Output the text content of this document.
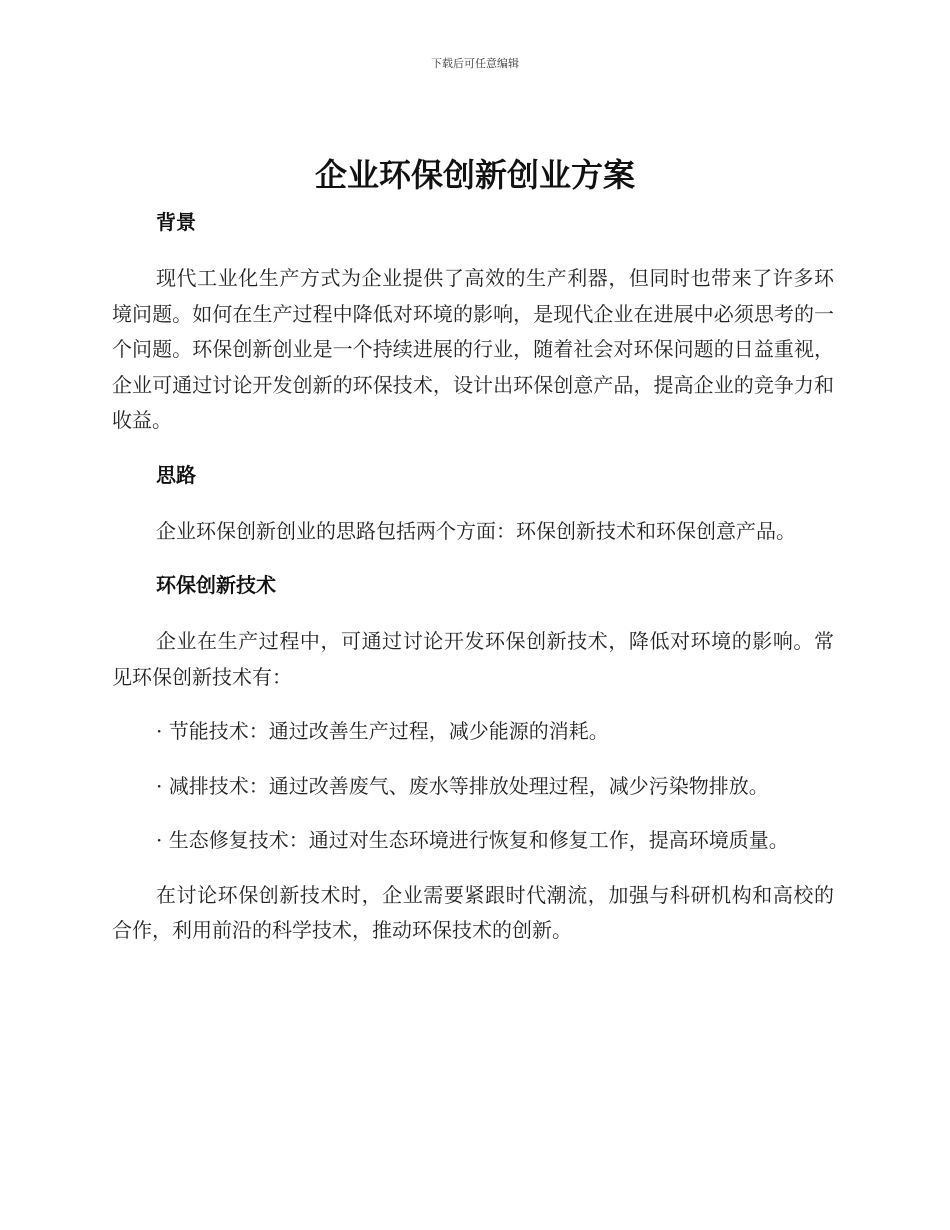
下载后可任意编辑
企业环保创新创业方案
背景

现代工业化生产方式为企业提供了高效的生产利器，但同时也带来了许多环境问题。如何在生产过程中降低对环境的影响，是现代企业在进展中必须思考的一个问题。环保创新创业是一个持续进展的行业，随着社会对环保问题的日益重视，企业可通过讨论开发创新的环保技术，设计出环保创意产品，提高企业的竞争力和收益。

思路

企业环保创新创业的思路包括两个方面：环保创新技术和环保创意产品。

环保创新技术

企业在生产过程中，可通过讨论开发环保创新技术，降低对环境的影响。常见环保创新技术有：

· 节能技术：通过改善生产过程，减少能源的消耗。

· 减排技术：通过改善废气、废水等排放处理过程，减少污染物排放。

· 生态修复技术：通过对生态环境进行恢复和修复工作，提高环境质量。

在讨论环保创新技术时，企业需要紧跟时代潮流，加强与科研机构和高校的合作，利用前沿的科学技术，推动环保技术的创新。
